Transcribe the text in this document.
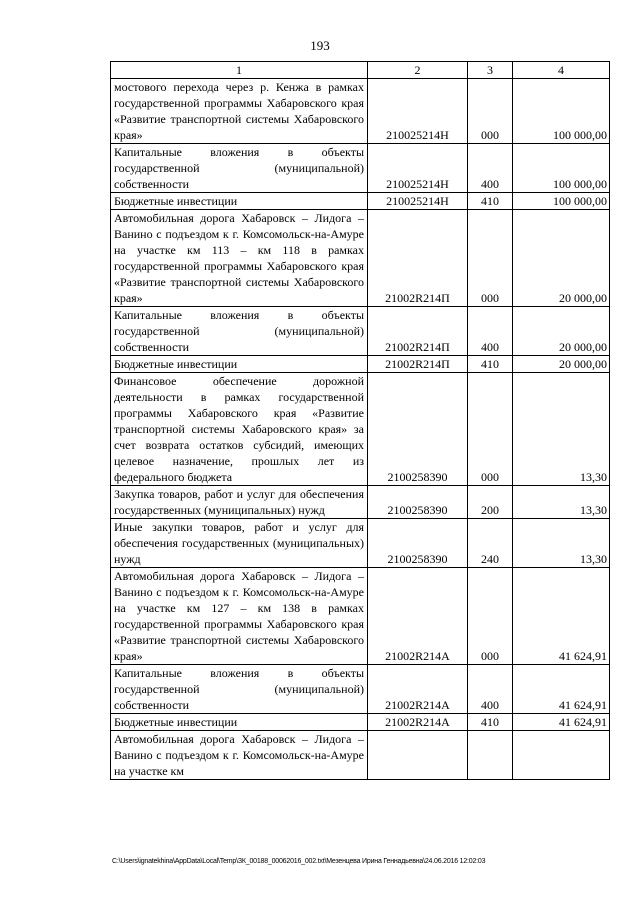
193
1	2	3	4
мостового перехода через р. Кенжа в рамках государственной программы Хабаровского края «Развитие транспортной системы Хабаровского края»	210025214Н	000	100 000,00
Капитальные вложения в объекты государственной (муниципальной) собственности	210025214Н	400	100 000,00
Бюджетные инвестиции	210025214Н	410	100 000,00
Автомобильная дорога Хабаровск – Лидога – Ванино с подъездом к г. Комсомольск-на-Амуре на участке км 113 – км 118 в рамках государственной программы Хабаровского края «Развитие транспортной системы Хабаровского края»	21002R214П	000	20 000,00
Капитальные вложения в объекты государственной (муниципальной) собственности	21002R214П	400	20 000,00
Бюджетные инвестиции	21002R214П	410	20 000,00
Финансовое обеспечение дорожной деятельности в рамках государственной программы Хабаровского края «Развитие транспортной системы Хабаровского края» за счет возврата остатков субсидий, имеющих целевое назначение, прошлых лет из федерального бюджета	2100258390	000	13,30
Закупка товаров, работ и услуг для обеспечения государственных (муниципальных) нужд	2100258390	200	13,30
Иные закупки товаров, работ и услуг для обеспечения государственных (муниципальных) нужд	2100258390	240	13,30
Автомобильная дорога Хабаровск – Лидога – Ванино с подъездом к г. Комсомольск-на-Амуре на участке км 127 – км 138 в рамках государственной программы Хабаровского края «Развитие транспортной системы Хабаровского края»	21002R214А	000	41 624,91
Капитальные вложения в объекты государственной (муниципальной) собственности	21002R214А	400	41 624,91
Бюджетные инвестиции	21002R214А	410	41 624,91
Автомобильная дорога Хабаровск – Лидога – Ванино с подъездом к г. Комсомольск-на-Амуре на участке км			
C:\Users\ignatekhina\AppData\Local\Temp\ЗК_00188_00062016_002.txt\Мезенцева Ирина Геннадьевна\24.06.2016 12:02:03
